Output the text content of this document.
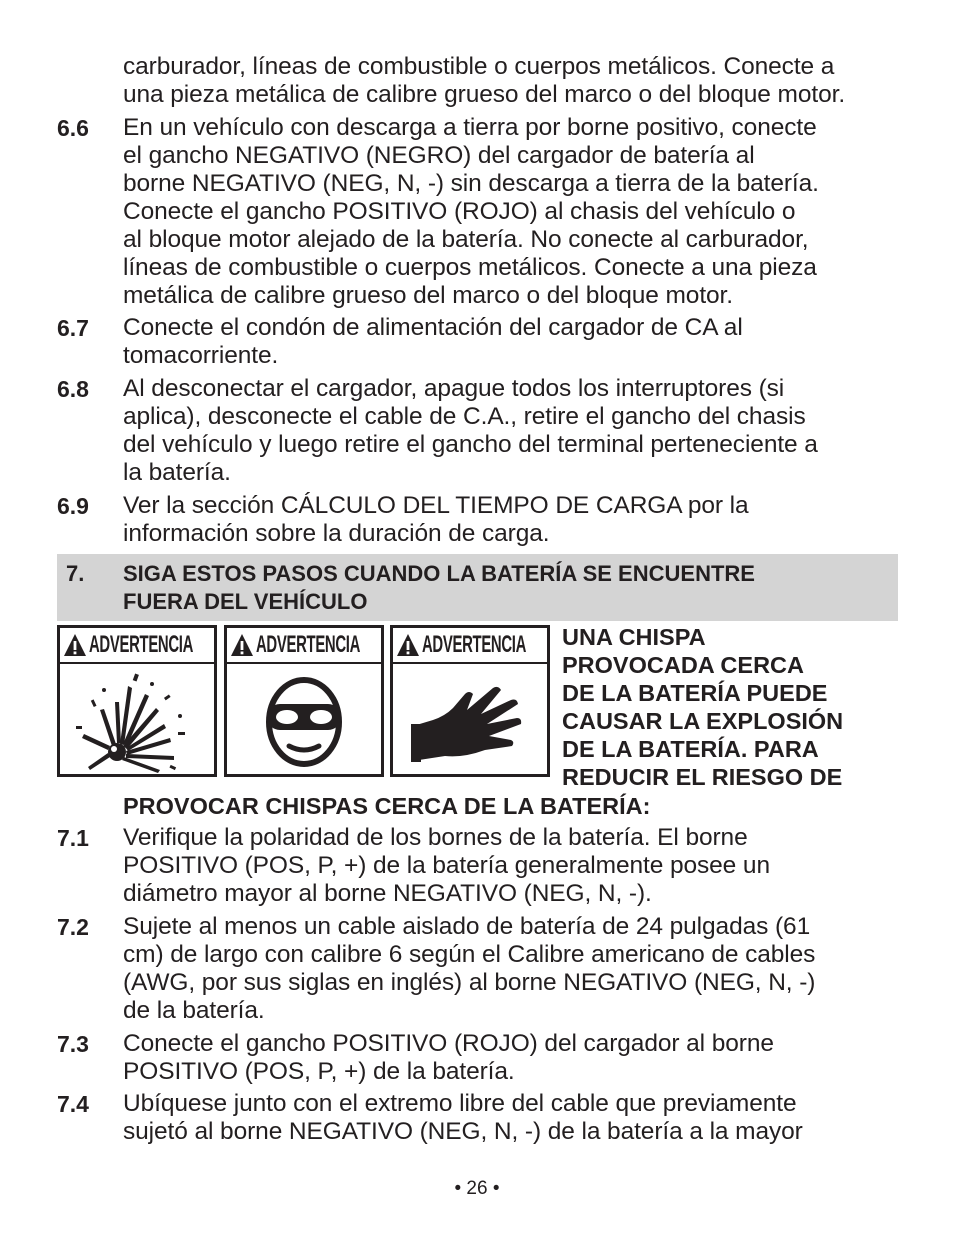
carburador, líneas de combustible o cuerpos metálicos. Conecte a
una pieza metálica de calibre grueso del marco o del bloque motor.
6.6 En un vehículo con descarga a tierra por borne positivo, conecte
el gancho NEGATIVO (NEGRO) del cargador de batería al
borne NEGATIVO (NEG, N, -) sin descarga a tierra de la batería.
Conecte el gancho POSITIVO (ROJO) al chasis del vehículo o
al bloque motor alejado de la batería. No conecte al carburador,
líneas de combustible o cuerpos metálicos. Conecte a una pieza
metálica de calibre grueso del marco o del bloque motor.
6.7 Conecte el condón de alimentación del cargador de CA al
tomacorriente.
6.8 Al desconectar el cargador, apague todos los interruptores (si
aplica), desconecte el cable de C.A., retire el gancho del chasis
del vehículo y luego retire el gancho del terminal perteneciente a
la batería.
6.9 Ver la sección CÁLCULO DEL TIEMPO DE CARGA por la
información sobre la duración de carga.
7. SIGA ESTOS PASOS CUANDO LA BATERÍA SE ENCUENTRE
FUERA DEL VEHÍCULO
ADVERTENCIA	ADVERTENCIA	ADVERTENCIA UNA CHISPA
PROVOCADA CERCA
DE LA BATERÍA PUEDE
CAUSAR LA EXPLOSIÓN
DE LA BATERÍA. PARA
REDUCIR EL RIESGO DE
PROVOCAR CHISPAS CERCA DE LA BATERÍA:
7.1 Verifique la polaridad de los bornes de la batería. El borne
POSITIVO (POS, P, +) de la batería generalmente posee un
diámetro mayor al borne NEGATIVO (NEG, N, -).
7.2 Sujete al menos un cable aislado de batería de 24 pulgadas (61
cm) de largo con calibre 6 según el Calibre americano de cables
(AWG, por sus siglas en inglés) al borne NEGATIVO (NEG, N, -)
de la batería.
7.3 Conecte el gancho POSITIVO (ROJO) del cargador al borne
POSITIVO (POS, P, +) de la batería.
7.4 Ubíquese junto con el extremo libre del cable que previamente
sujetó al borne NEGATIVO (NEG, N, -) de la batería a la mayor
• 26 •
